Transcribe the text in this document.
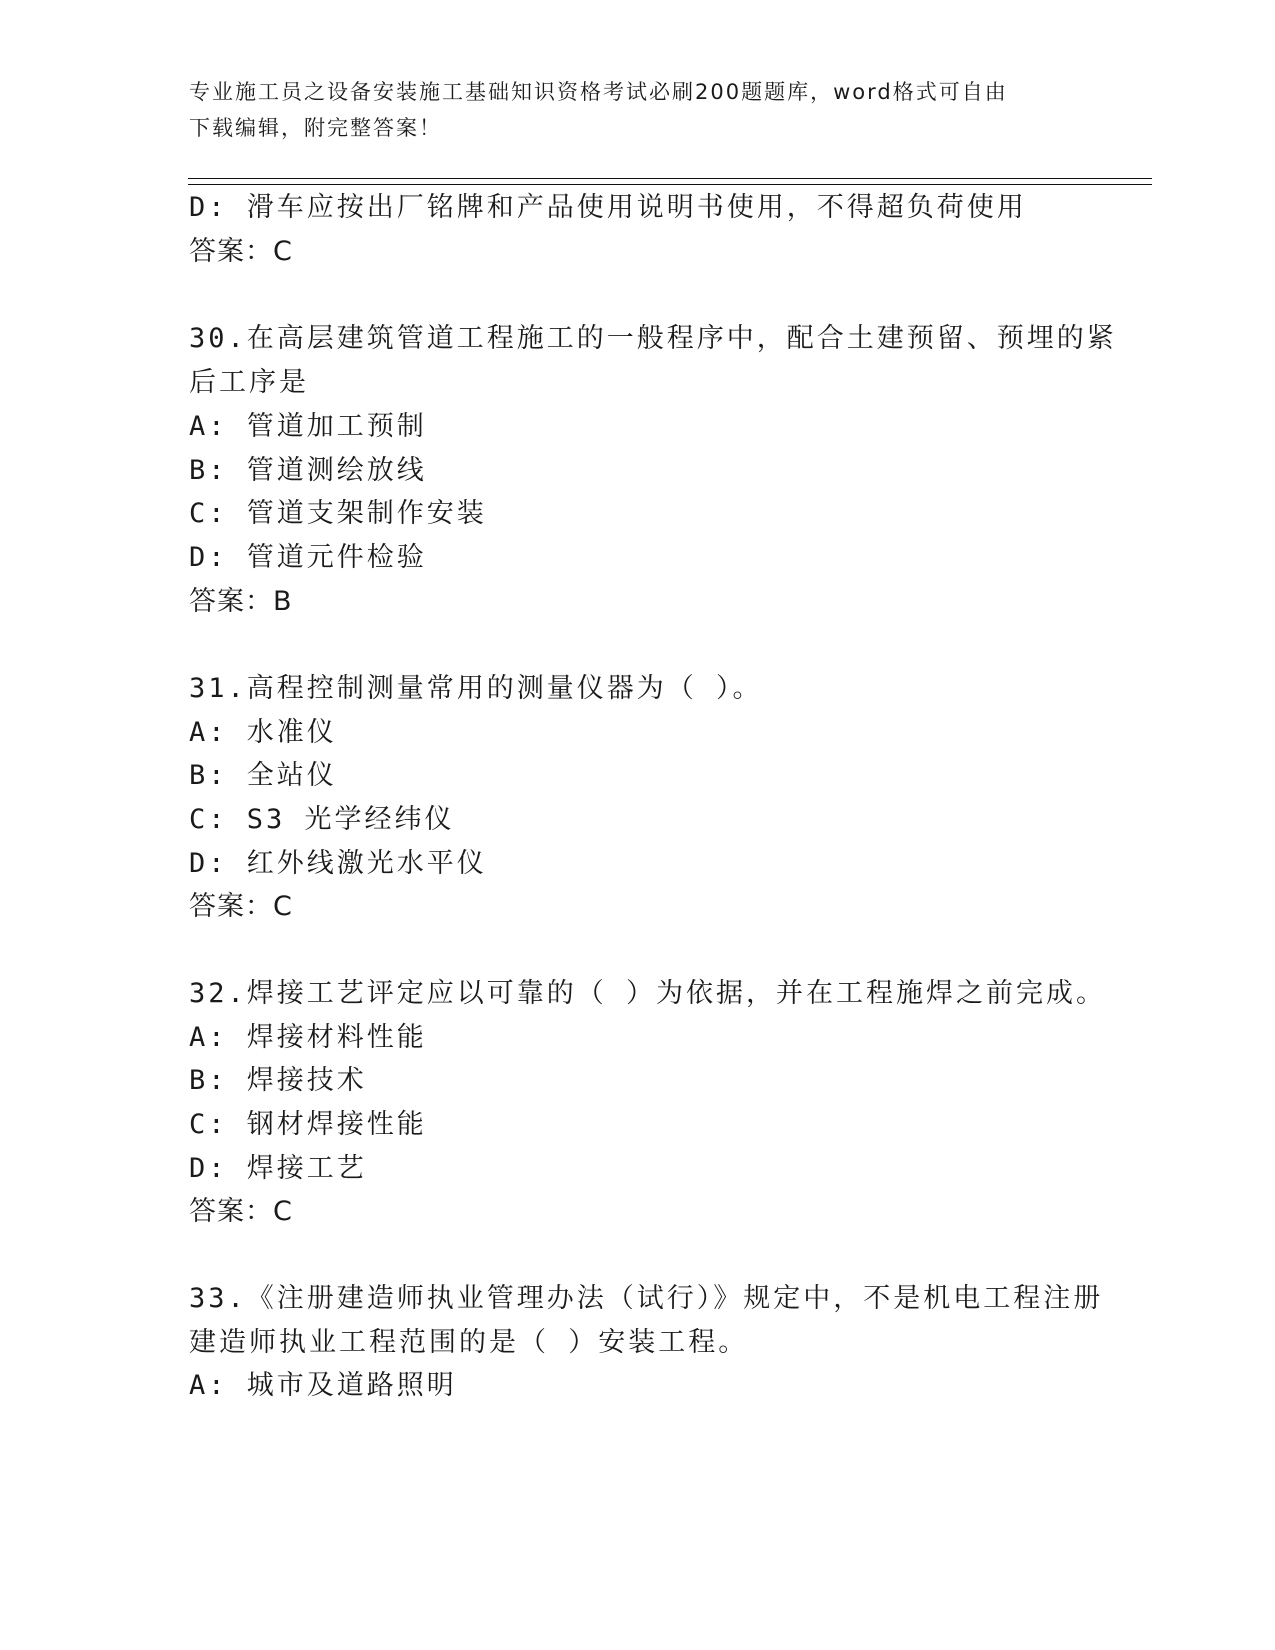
专业施工员之设备安装施工基础知识资格考试必刷200题题库，word格式可自由
下载编辑，附完整答案！
D: 滑车应按出厂铭牌和产品使用说明书使用，不得超负荷使用
答案：C
30.在高层建筑管道工程施工的一般程序中，配合土建预留、预埋的紧
后工序是
A: 管道加工预制
B: 管道测绘放线
C: 管道支架制作安装
D: 管道元件检验
答案：B
31.高程控制测量常用的测量仪器为（ ）。
A: 水准仪
B: 全站仪
C: S3 光学经纬仪
D: 红外线激光水平仪
答案：C
32.焊接工艺评定应以可靠的（ ）为依据，并在工程施焊之前完成。
A: 焊接材料性能
B: 焊接技术
C: 钢材焊接性能
D: 焊接工艺
答案：C
33.《注册建造师执业管理办法（试行）》规定中，不是机电工程注册
建造师执业工程范围的是（ ）安装工程。
A: 城市及道路照明
